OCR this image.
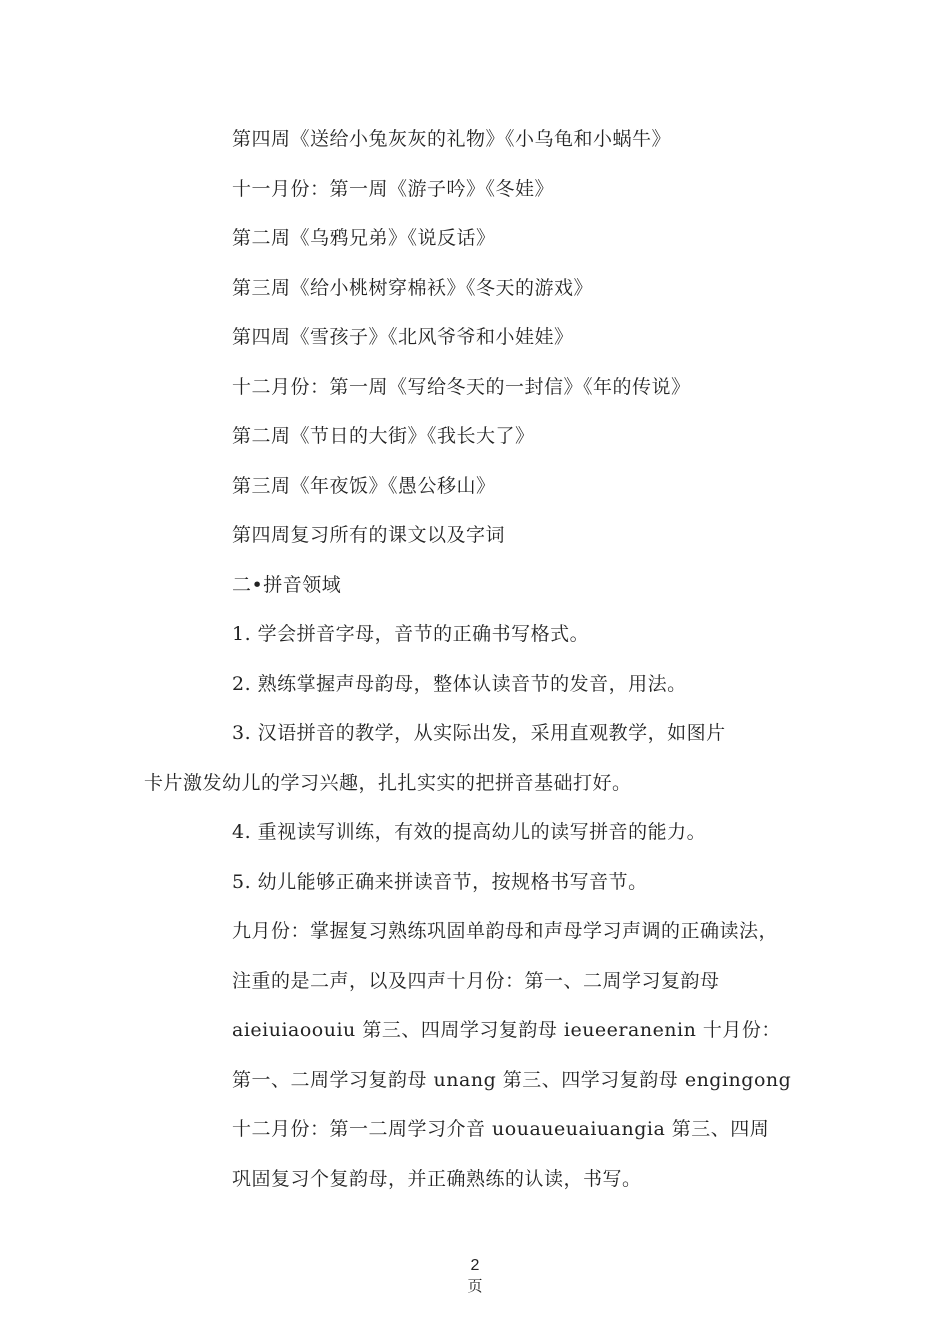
第四周《送给小兔灰灰的礼物》《小乌龟和小蜗牛》
十一月份：第一周《游子吟》《冬娃》
第二周《乌鸦兄弟》《说反话》
第三周《给小桃树穿棉袄》《冬天的游戏》
第四周《雪孩子》《北风爷爷和小娃娃》
十二月份：第一周《写给冬天的一封信》《年的传说》
第二周《节日的大街》《我长大了》
第三周《年夜饭》《愚公移山》
第四周复习所有的课文以及字词
二•拼音领域
1. 学会拼音字母，音节的正确书写格式。
2. 熟练掌握声母韵母，整体认读音节的发音，用法。
3. 汉语拼音的教学，从实际出发，采用直观教学，如图片
卡片激发幼儿的学习兴趣，扎扎实实的把拼音基础打好。
4. 重视读写训练，有效的提高幼儿的读写拼音的能力。
5. 幼儿能够正确来拼读音节，按规格书写音节。
九月份：掌握复习熟练巩固单韵母和声母学习声调的正确读法，
注重的是二声，以及四声十月份：第一、二周学习复韵母
aieiuiaoouiu 第三、四周学习复韵母 ieueeranenin 十月份：
第一、二周学习复韵母 unang 第三、四学习复韵母 engingong
十二月份：第一二周学习介音 uouaueuaiuangia 第三、四周
巩固复习个复韵母，并正确熟练的认读，书写。
2
页
